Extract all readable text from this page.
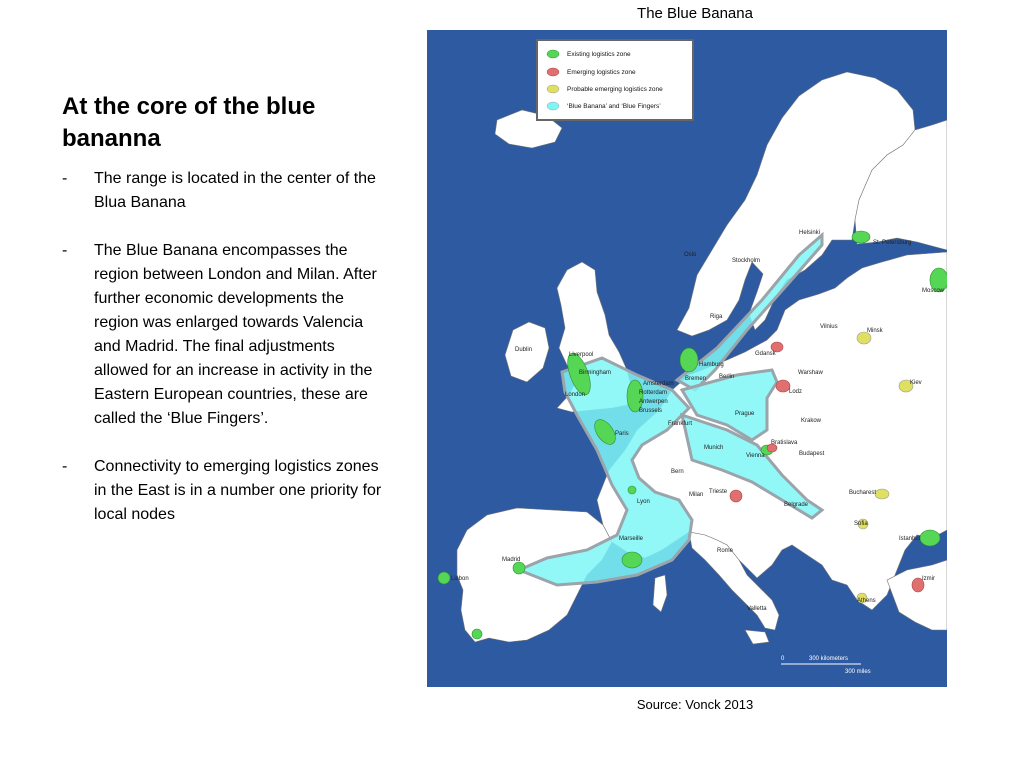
The Blue Banana
At the core of the blue bananna
- The range is located in the center of the Blua Banana
- The Blue Banana encompasses the region between London and Milan. After further economic developments the region was enlarged towards Valencia and Madrid. The final adjustments allowed for an increase in activity in the Eastern European countries, these are called the ‘Blue Fingers’.
- Connectivity to emerging logistics zones in the East is in a number one priority for local nodes
Helsinki
St. Petersburg
Oslo
Stockholm
Moscow
Riga
Vilnius
Minsk
Dublin
Liverpool
Birmingham
London
Amsterdam
Rotterdam
Antwerpen
Brussels
Hamburg
Bremen Berlin
Gdansk
Warshaw
Lodz
Kiev
Paris
Frankfurt
Prague
Krakow
Munich
Bratislava
Vienna	Budapest
Bern
Lyon
Milan Trieste
Belgrade
Bucharest
Sofia
Istanbul
Marseille
Madrid
Lisbon
Rome
Athens
Izmir
Valletta
Existing logistics zone
Emerging logistics zone
Probable emerging logistics zone
‘Blue Banana’ and ‘Blue Fingers’
0	300 kilometers
300 miles
Source: Vonck 2013
